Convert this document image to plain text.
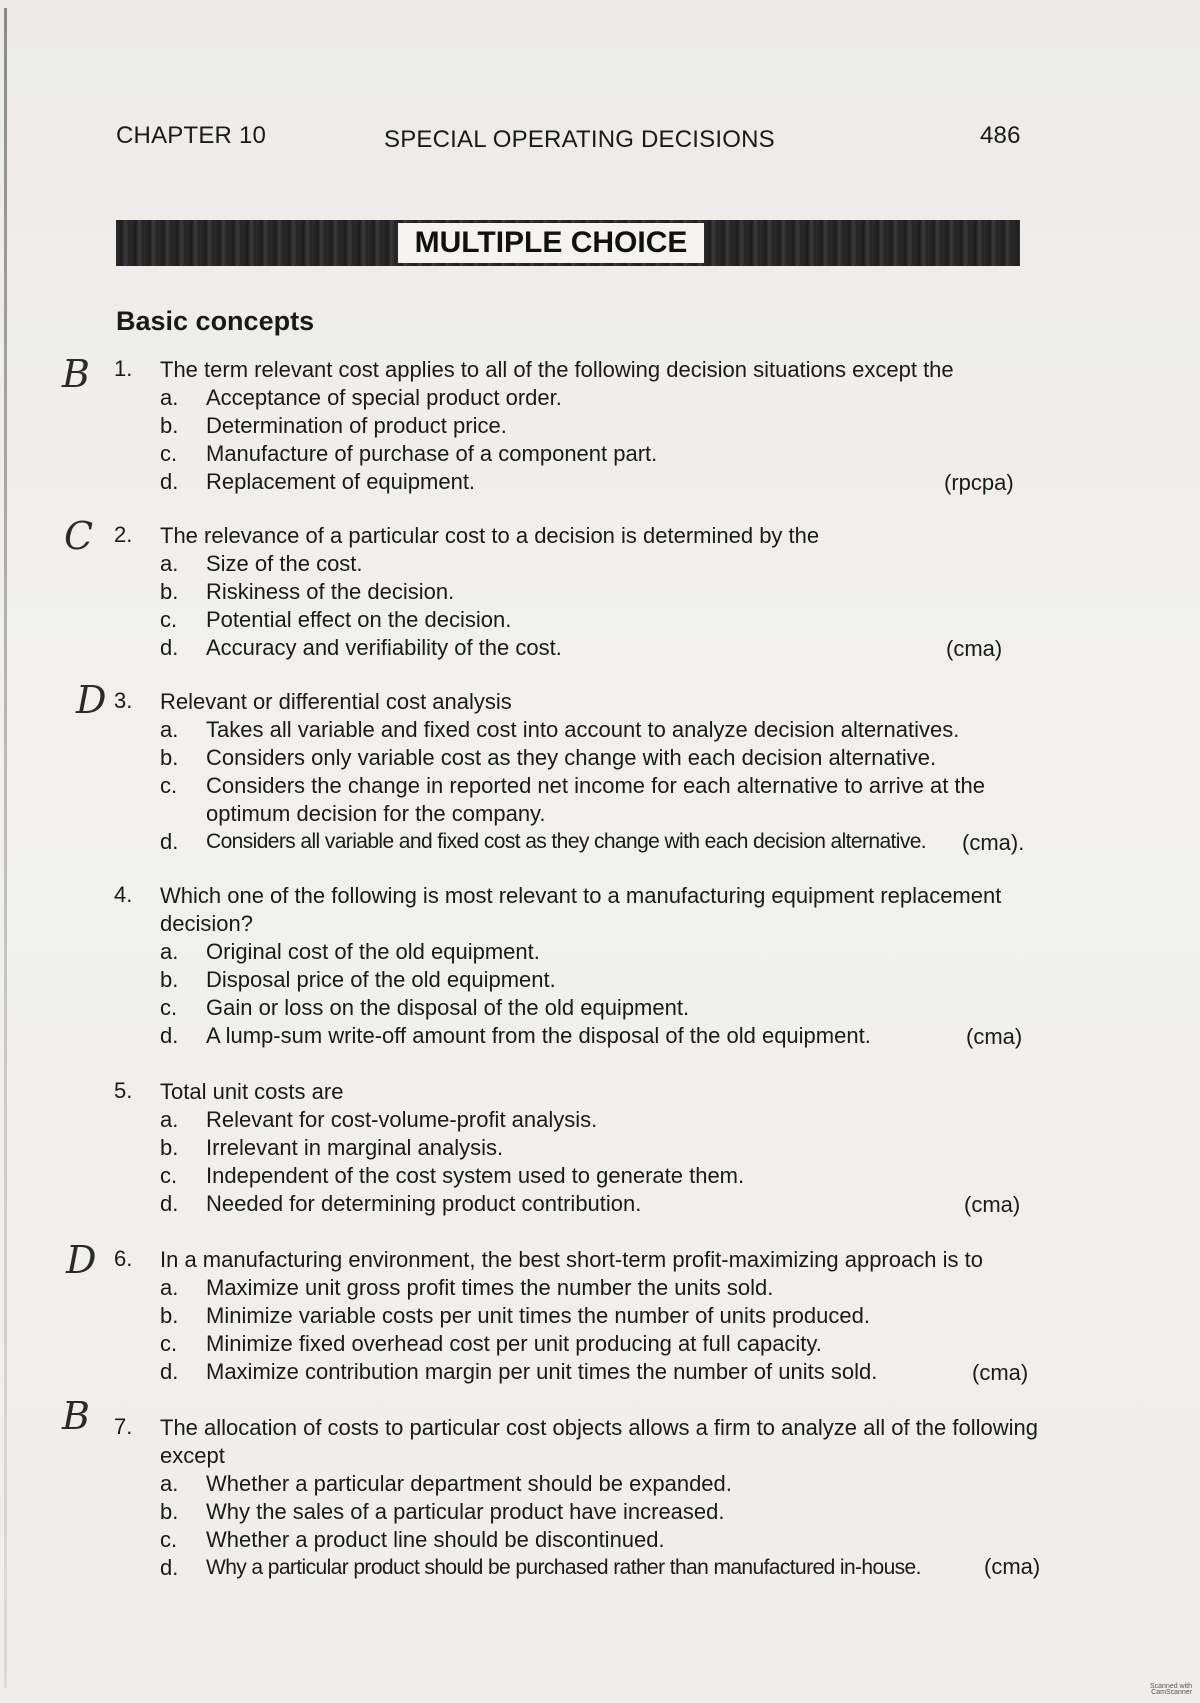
CHAPTER 10	SPECIAL OPERATING DECISIONS	486
MULTIPLE CHOICE
Basic concepts
B 1. The term relevant cost applies to all of the following decision situations except the
a. Acceptance of special product order.
b. Determination of product price.
c. Manufacture of purchase of a component part.
d. Replacement of equipment.	(rpcpa)
C 2. The relevance of a particular cost to a decision is determined by the
a. Size of the cost.
b. Riskiness of the decision.
c. Potential effect on the decision.
d. Accuracy and verifiability of the cost.	(cma)
D 3. Relevant or differential cost analysis
a. Takes all variable and fixed cost into account to analyze decision alternatives.
b. Considers only variable cost as they change with each decision alternative.
c. Considers the change in reported net income for each alternative to arrive at the optimum decision for the company.
d. Considers all variable and fixed cost as they change with each decision alternative.	(cma).
4. Which one of the following is most relevant to a manufacturing equipment replacement decision?
a. Original cost of the old equipment.
b. Disposal price of the old equipment.
c. Gain or loss on the disposal of the old equipment.
d. A lump-sum write-off amount from the disposal of the old equipment.	(cma)
5. Total unit costs are
a. Relevant for cost-volume-profit analysis.
b. Irrelevant in marginal analysis.
c. Independent of the cost system used to generate them.
d. Needed for determining product contribution.	(cma)
D 6. In a manufacturing environment, the best short-term profit-maximizing approach is to
a. Maximize unit gross profit times the number the units sold.
b. Minimize variable costs per unit times the number of units produced.
c. Minimize fixed overhead cost per unit producing at full capacity.
d. Maximize contribution margin per unit times the number of units sold.	(cma)
B 7. The allocation of costs to particular cost objects allows a firm to analyze all of the following except
a. Whether a particular department should be expanded.
b. Why the sales of a particular product have increased.
c. Whether a product line should be discontinued.
d. Why a particular product should be purchased rather than manufactured in-house.	(cma)
Scanned with CamScanner
